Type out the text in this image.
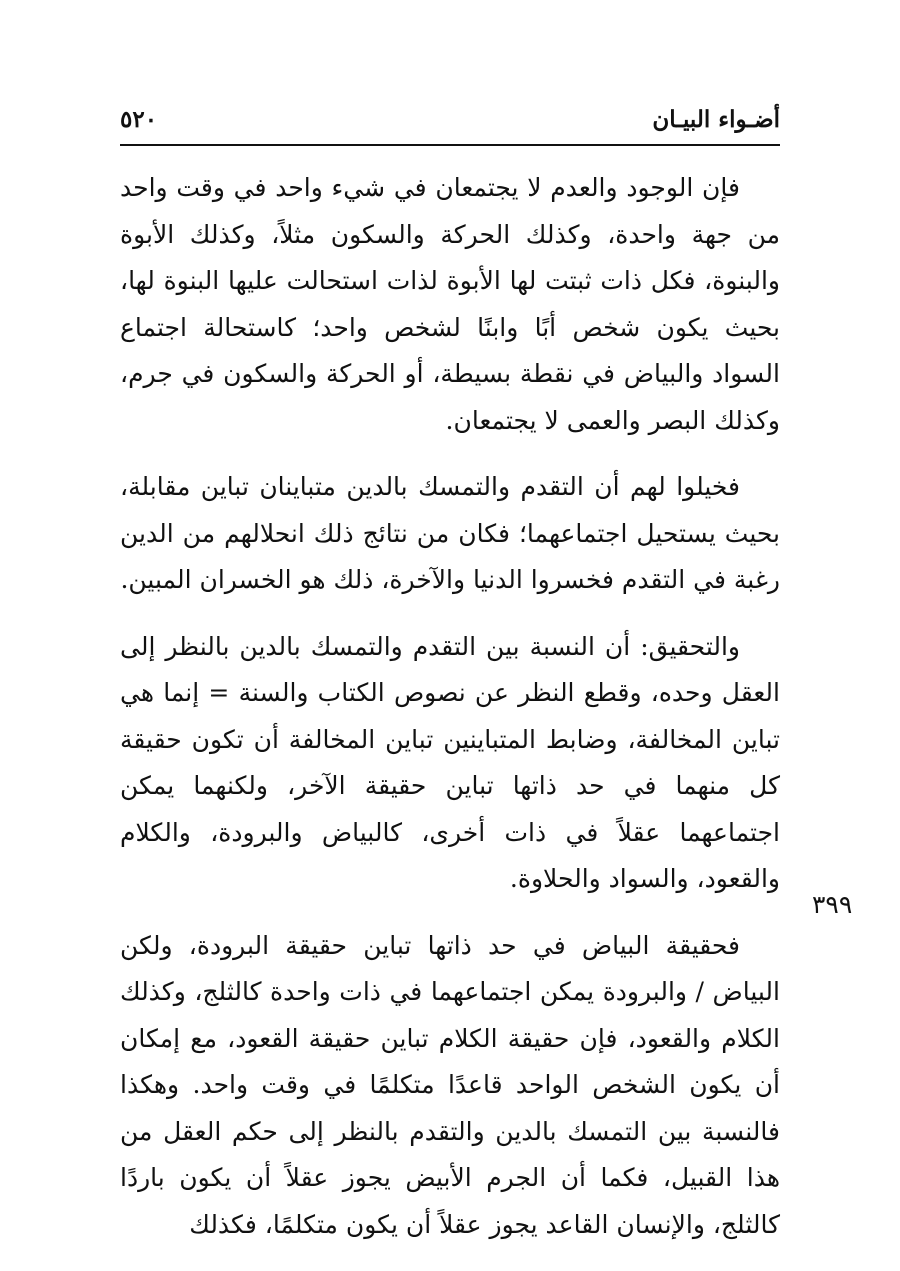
أضـواء البيـان
٥٢٠

فإن الوجود والعدم لا يجتمعان في شيء واحد في وقت واحد من جهة واحدة، وكذلك الحركة والسكون مثلاً، وكذلك الأبوة والبنوة، فكل ذات ثبتت لها الأبوة لذات استحالت عليها البنوة لها، بحيث يكون شخص أبًا وابنًا لشخص واحد؛ كاستحالة اجتماع السواد والبياض في نقطة بسيطة، أو الحركة والسكون في جرم، وكذلك البصر والعمى لا يجتمعان.

فخيلوا لهم أن التقدم والتمسك بالدين متباينان تباين مقابلة، بحيث يستحيل اجتماعهما؛ فكان من نتائج ذلك انحلالهم من الدين رغبة في التقدم فخسروا الدنيا والآخرة، ذلك هو الخسران المبين.

والتحقيق: أن النسبة بين التقدم والتمسك بالدين بالنظر إلى العقل وحده، وقطع النظر عن نصوص الكتاب والسنة = إنما هي تباين المخالفة، وضابط المتباينين تباين المخالفة أن تكون حقيقة كل منهما في حد ذاتها تباين حقيقة الآخر، ولكنهما يمكن اجتماعهما عقلاً في ذات أخرى، كالبياض والبرودة، والكلام والقعود، والسواد والحلاوة.

فحقيقة البياض في حد ذاتها تباين حقيقة البرودة، ولكن البياض / والبرودة يمكن اجتماعهما في ذات واحدة كالثلج، وكذلك الكلام والقعود، فإن حقيقة الكلام تباين حقيقة القعود، مع إمكان أن يكون الشخص الواحد قاعدًا متكلمًا في وقت واحد. وهكذا فالنسبة بين التمسك بالدين والتقدم بالنظر إلى حكم العقل من هذا القبيل، فكما أن الجرم الأبيض يجوز عقلاً أن يكون باردًا كالثلج، والإنسان القاعد يجوز عقلاً أن يكون متكلمًا، فكذلك

٣٩٩
